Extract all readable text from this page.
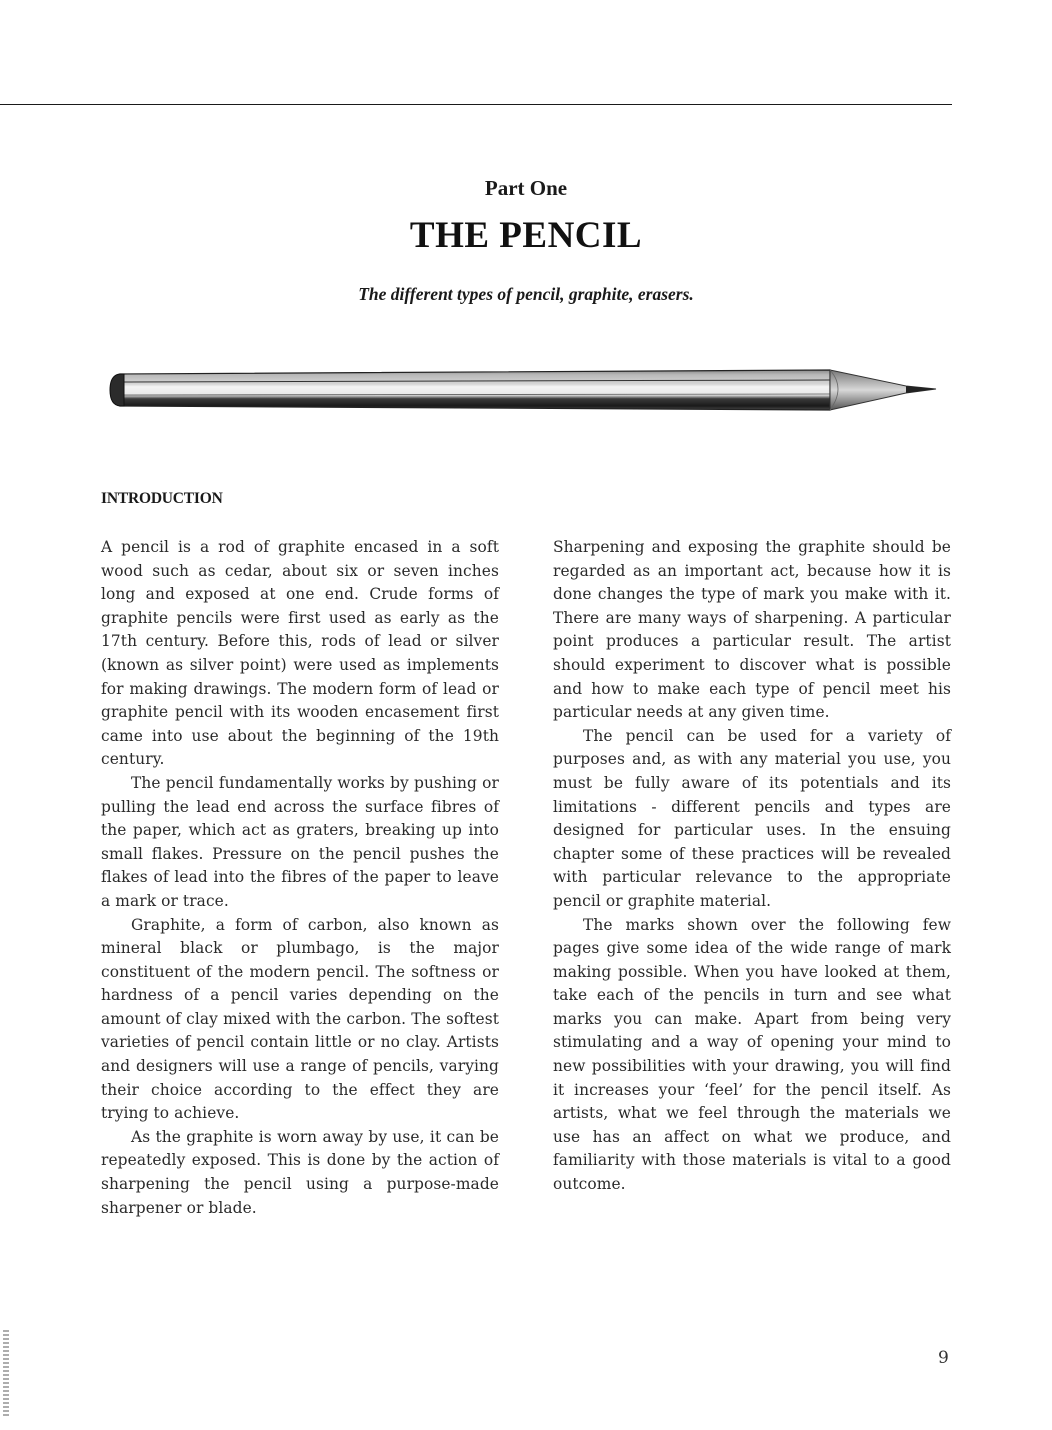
Part One
THE PENCIL
The different types of pencil, graphite, erasers.
INTRODUCTION

A pencil is a rod of graphite encased in a soft wood such as cedar, about six or seven inches long and exposed at one end. Crude forms of graphite pencils were first used as early as the 17th century. Before this, rods of lead or silver (known as silver point) were used as implements for making drawings. The modern form of lead or graphite pencil with its wooden encasement first came into use about the beginning of the 19th century.

The pencil fundamentally works by pushing or pulling the lead end across the surface fibres of the paper, which act as graters, breaking up into small flakes. Pressure on the pencil pushes the flakes of lead into the fibres of the paper to leave a mark or trace.

Graphite, a form of carbon, also known as mineral black or plumbago, is the major constituent of the modern pencil. The softness or hardness of a pencil varies depending on the amount of clay mixed with the carbon. The softest varieties of pencil contain little or no clay. Artists and designers will use a range of pencils, varying their choice according to the effect they are trying to achieve.

As the graphite is worn away by use, it can be repeatedly exposed. This is done by the action of sharpening the pencil using a purpose-made sharpener or blade.

Sharpening and exposing the graphite should be regarded as an important act, because how it is done changes the type of mark you make with it. There are many ways of sharpening. A particular point produces a particular result. The artist should experiment to discover what is possible and how to make each type of pencil meet his particular needs at any given time.

The pencil can be used for a variety of purposes and, as with any material you use, you must be fully aware of its potentials and its limitations - different pencils and types are designed for particular uses. In the ensuing chapter some of these practices will be revealed with particular relevance to the appropriate pencil or graphite material.

The marks shown over the following few pages give some idea of the wide range of mark making possible. When you have looked at them, take each of the pencils in turn and see what marks you can make. Apart from being very stimulating and a way of opening your mind to new possibilities with your drawing, you will find it increases your ‘feel’ for the pencil itself. As artists, what we feel through the materials we use has an affect on what we produce, and familiarity with those materials is vital to a good outcome.

9
